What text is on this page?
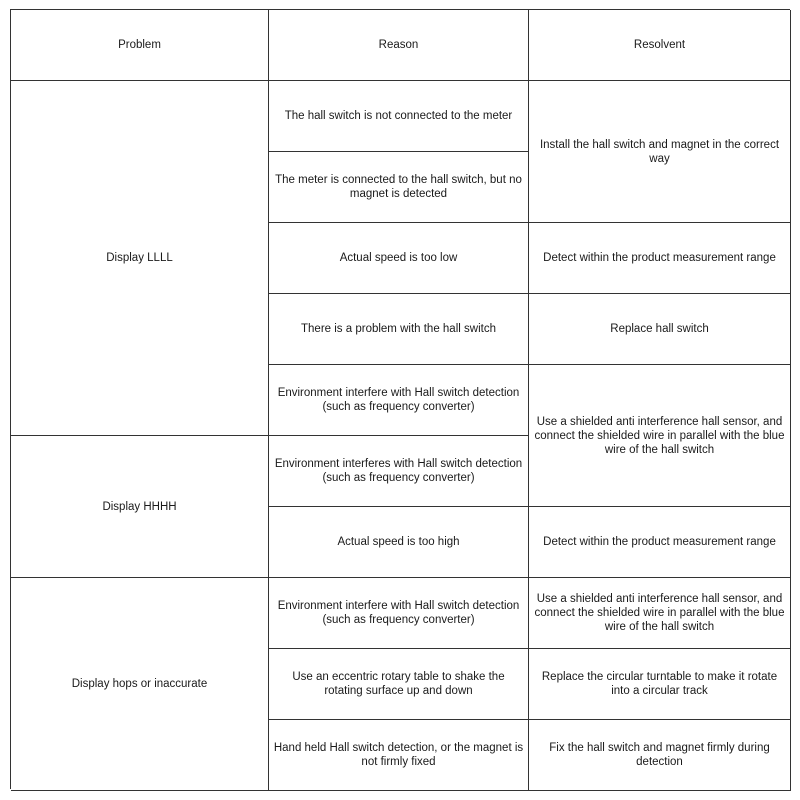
Problem	Reason	Resolvent
Display LLLL
Display HHHH
Display hops or inaccurate
The hall switch is not connected to the meter
The meter is connected to the hall switch, but no magnet is detected
Actual speed is too low
There is a problem with the hall switch
Environment interfere with Hall switch detection (such as frequency converter)
Environment interferes with Hall switch detection (such as frequency converter)
Actual speed is too high
Environment interfere with Hall switch detection (such as frequency converter)
Use an eccentric rotary table to shake the rotating surface up and down
Hand held Hall switch detection, or the magnet is not firmly fixed
Install the hall switch and magnet in the correct way
Detect within the product measurement range
Replace hall switch
Use a shielded anti interference hall sensor, and connect the shielded wire in parallel with the blue wire of the hall switch
Detect within the product measurement range
Use a shielded anti interference hall sensor, and connect the shielded wire in parallel with the blue wire of the hall switch
Replace the circular turntable to make it rotate into a circular track
Fix the hall switch and magnet firmly during detection
